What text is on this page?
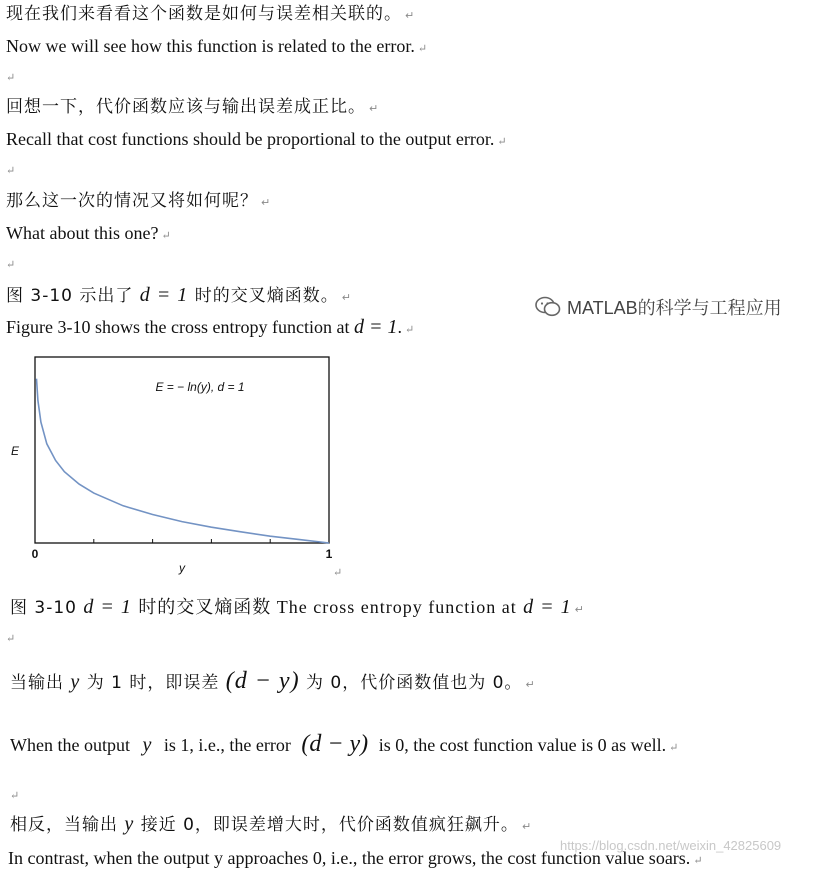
现在我们来看看这个函数是如何与误差相关联的。 ↵
Now we will see how this function is related to the error. ↵
↵
回想一下，代价函数应该与输出误差成正比。 ↵
Recall that cost functions should be proportional to the output error. ↵
↵
那么这一次的情况又将如何呢？ ↵
What about this one? ↵
↵
图 3-10 示出了 d = 1 时的交叉熵函数。 ↵
Figure 3-10 shows the cross entropy function at d = 1. ↵
MATLAB的科学与工程应用
E = − ln(y), d = 1
E
y
0	1
↵
图 3-10 d = 1 时的交叉熵函数 The cross entropy function at d = 1 ↵
↵
当输出 y 为 1 时，即误差 (d − y) 为 0，代价函数值也为 0。 ↵
When the output y is 1, i.e., the error (d − y) is 0, the cost function value is 0 as well. ↵
↵
相反，当输出 y 接近 0，即误差增大时，代价函数值疯狂飙升。 ↵
https://blog.csdn.net/weixin_42825609
In contrast, when the output y approaches 0, i.e., the error grows, the cost function value soars. ↵
